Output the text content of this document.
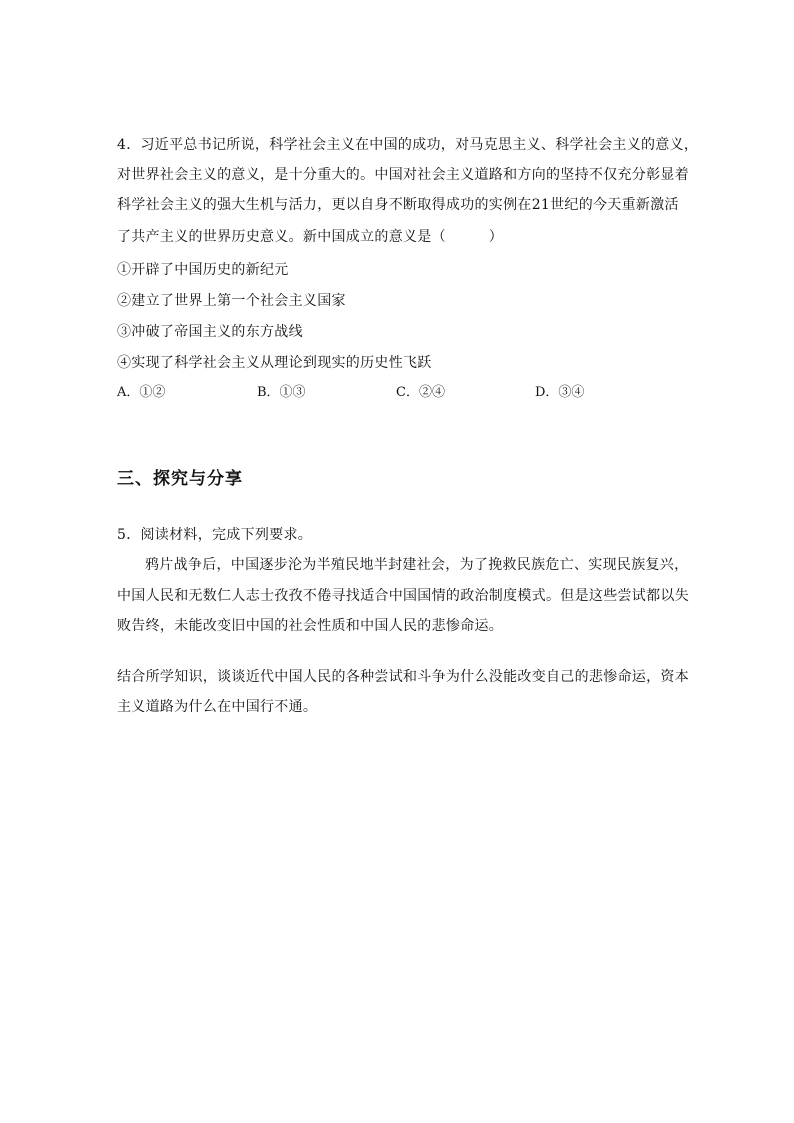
4．习近平总书记所说，科学社会主义在中国的成功，对马克思主义、科学社会主义的意义，
对世界社会主义的意义，是十分重大的。中国对社会主义道路和方向的坚持不仅充分彰显着
科学社会主义的强大生机与活力，更以自身不断取得成功的实例在21世纪的今天重新激活
了共产主义的世界历史意义。新中国成立的意义是（　　　）
①开辟了中国历史的新纪元
②建立了世界上第一个社会主义国家
③冲破了帝国主义的东方战线
④实现了科学社会主义从理论到现实的历史性飞跃
A．①②	B．①③	C．②④	D．③④
三、探究与分享
5．阅读材料，完成下列要求。
鸦片战争后，中国逐步沦为半殖民地半封建社会，为了挽救民族危亡、实现民族复兴，
中国人民和无数仁人志士孜孜不倦寻找适合中国国情的政治制度模式。但是这些尝试都以失
败告终，未能改变旧中国的社会性质和中国人民的悲惨命运。
结合所学知识，谈谈近代中国人民的各种尝试和斗争为什么没能改变自己的悲惨命运，资本
主义道路为什么在中国行不通。
